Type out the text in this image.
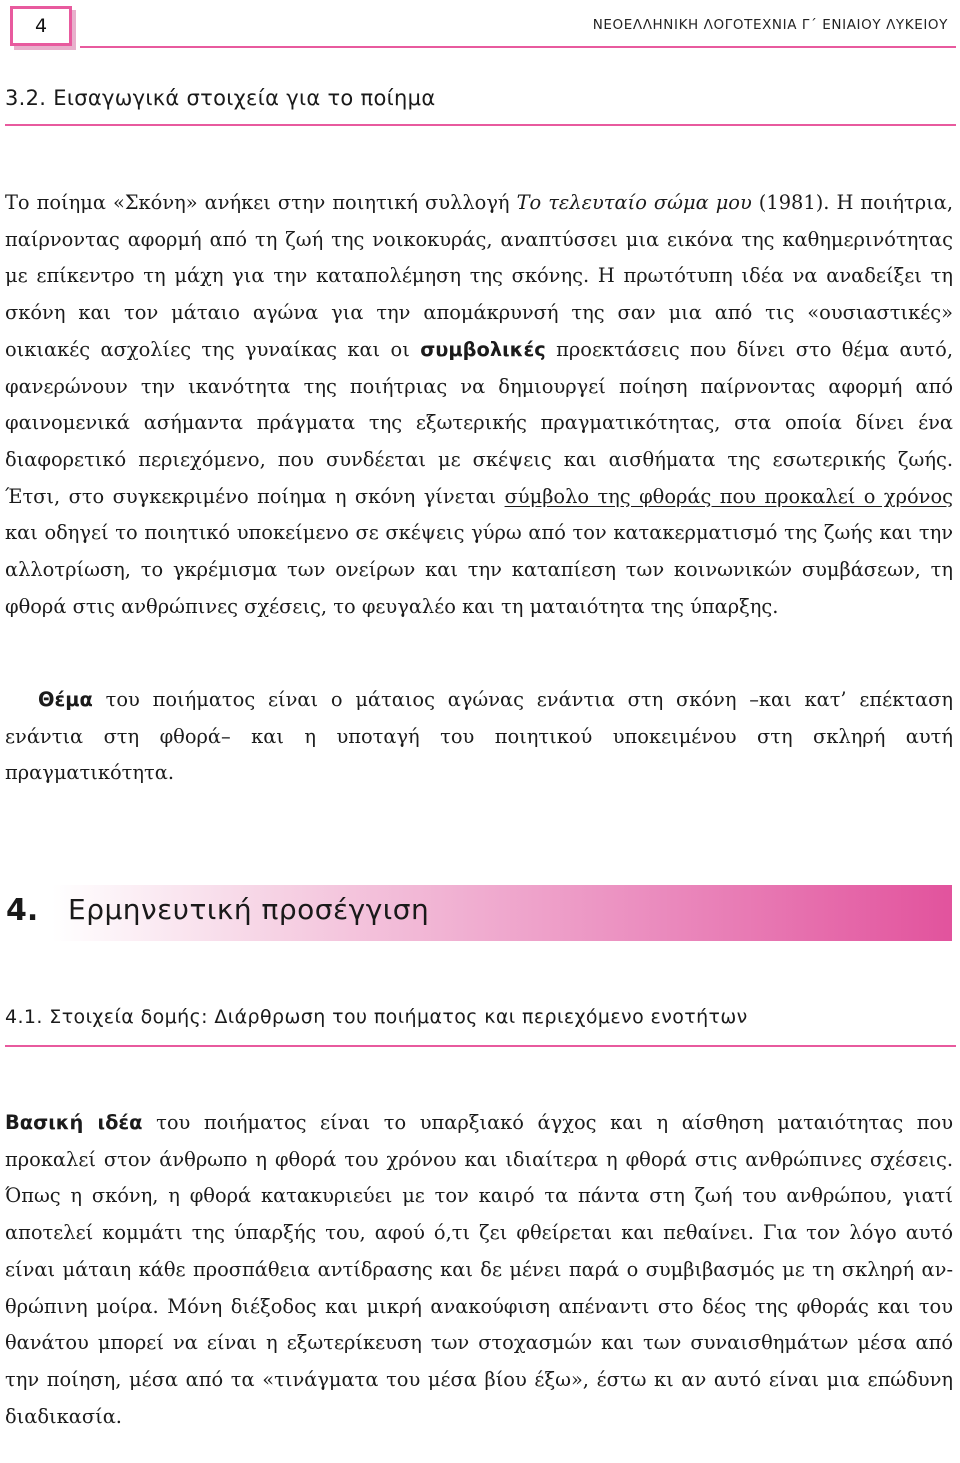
4	ΝΕΟΕΛΛΗΝΙΚΗ ΛΟΓΟΤΕΧΝΙΑ Γ΄ ΕΝΙΑΙΟΥ ΛΥΚΕΙΟΥ
3.2. Εισαγωγικά στοιχεία για το ποίημα

Το ποίημα «Σκόνη» ανήκει στην ποιητική συλλογή Το τελευταίο σώμα μου (1981). Η ποιήτρια, παίρνοντας αφορμή από τη ζωή της νοικοκυράς, αναπτύσσει μια εικόνα της καθημερινότητας με επίκεντρο τη μάχη για την καταπολέμηση της σκόνης. Η πρωτότυπη ιδέα να αναδείξει τη σκόνη και τον μάταιο αγώνα για την απομάκρυνσή της σαν μια από τις «ουσιαστικές» οικιακές ασχολίες της γυναίκας και οι συμβολικές προεκτάσεις που δίνει στο θέμα αυτό, φανερώνουν την ικανότητα της ποιήτριας να δημιουργεί ποίηση παίρνοντας αφορμή από φαινομενικά ασήμαντα πράγματα της εξωτερικής πραγματικότητας, στα οποία δίνει ένα διαφορετικό περιεχόμενο, που συνδέεται με σκέψεις και αισθήματα της εσωτερικής ζωής. Έτσι, στο συγκεκριμένο ποίημα η σκόνη γίνεται σύμβολο της φθοράς που προκαλεί ο χρόνος και οδηγεί το ποιητικό υποκείμενο σε σκέψεις γύρω από τον κατακερματισμό της ζωής και την αλλοτρίωση, το γκρέμισμα των ονείρων και την καταπίεση των κοινωνικών συμβάσεων, τη φθορά στις ανθρώπινες σχέσεις, το φευγαλέο και τη ματαιότητα της ύπαρξης.

Θέμα του ποιήματος είναι ο μάταιος αγώνας ενάντια στη σκόνη –και κατ’ επέκταση ενάντια στη φθορά– και η υποταγή του ποιητικού υποκειμένου στη σκληρή αυτή πραγματικότητα.

4. Ερμηνευτική προσέγγιση
4.1. Στοιχεία δομής: Διάρθρωση του ποιήματος και περιεχόμενο ενοτήτων

Βασική ιδέα του ποιήματος είναι το υπαρξιακό άγχος και η αίσθηση ματαιότητας που προκαλεί στον άνθρωπο η φθορά του χρόνου και ιδιαίτερα η φθορά στις ανθρώπινες σχέσεις. Όπως η σκόνη, η φθορά κατακυριεύει με τον καιρό τα πάντα στη ζωή του ανθρώπου, γιατί αποτελεί κομμάτι της ύπαρξής του, αφού ό,τι ζει φθείρεται και πεθαίνει. Για τον λόγο αυτό είναι μάταιη κάθε προσπάθεια αντίδρασης και δε μένει παρά ο συμβιβασμός με τη σκληρή ανθρώπινη μοίρα. Μόνη διέξοδος και μικρή ανακούφιση απέναντι στο δέος της φθοράς και του θανάτου μπορεί να είναι η εξωτερίκευση των στοχασμών και των συναισθημάτων μέσα από την ποίηση, μέσα από τα «τινάγματα του μέσα βίου έξω», έστω κι αν αυτό είναι μια επώδυνη διαδικασία.
